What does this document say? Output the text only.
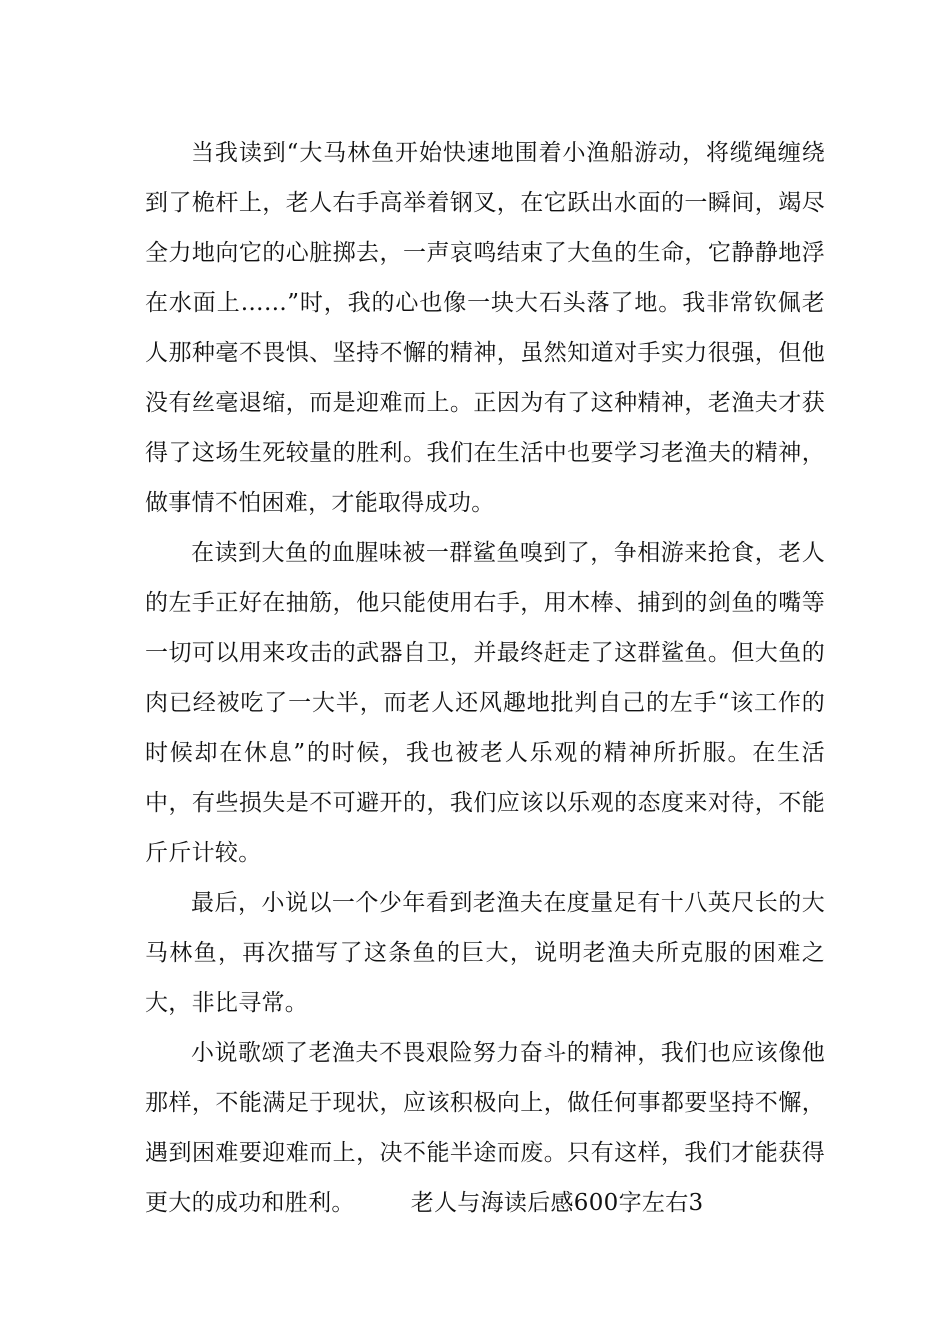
当我读到“大马林鱼开始快速地围着小渔船游动，将缆绳缠绕到了桅杆上，老人右手高举着钢叉，在它跃出水面的一瞬间，竭尽全力地向它的心脏掷去，一声哀鸣结束了大鱼的生命，它静静地浮在水面上……”时，我的心也像一块大石头落了地。我非常钦佩老人那种毫不畏惧、坚持不懈的精神，虽然知道对手实力很强，但他没有丝毫退缩，而是迎难而上。正因为有了这种精神，老渔夫才获得了这场生死较量的胜利。我们在生活中也要学习老渔夫的精神，做事情不怕困难，才能取得成功。

在读到大鱼的血腥味被一群鲨鱼嗅到了，争相游来抢食，老人的左手正好在抽筋，他只能使用右手，用木棒、捕到的剑鱼的嘴等一切可以用来攻击的武器自卫，并最终赶走了这群鲨鱼。但大鱼的肉已经被吃了一大半，而老人还风趣地批判自己的左手“该工作的时候却在休息”的时候，我也被老人乐观的精神所折服。在生活中，有些损失是不可避开的，我们应该以乐观的态度来对待，不能斤斤计较。

最后，小说以一个少年看到老渔夫在度量足有十八英尺长的大马林鱼，再次描写了这条鱼的巨大，说明老渔夫所克服的困难之大，非比寻常。

小说歌颂了老渔夫不畏艰险努力奋斗的精神，我们也应该像他那样，不能满足于现状，应该积极向上，做任何事都要坚持不懈，遇到困难要迎难而上，决不能半途而废。只有这样，我们才能获得更大的成功和胜利。 老人与海读后感600字左右3
